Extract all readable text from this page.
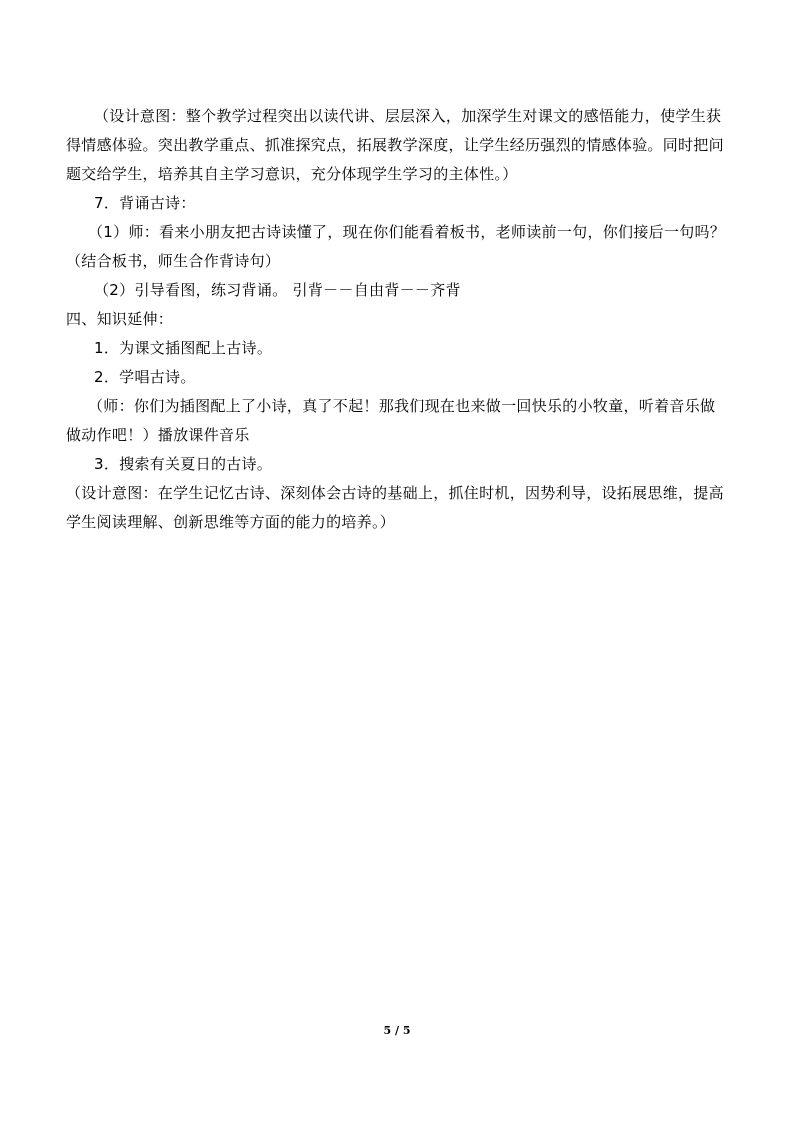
（设计意图：整个教学过程突出以读代讲、层层深入，加深学生对课文的感悟能力，使学生获得情感体验。突出教学重点、抓准探究点，拓展教学深度，让学生经历强烈的情感体验。同时把问题交给学生，培养其自主学习意识，充分体现学生学习的主体性。）

7．背诵古诗：

（1）师：看来小朋友把古诗读懂了，现在你们能看着板书，老师读前一句，你们接后一句吗？ （结合板书，师生合作背诗句）

（2）引导看图，练习背诵。 引背－－自由背－－齐背

四、知识延伸：

1．为课文插图配上古诗。

2．学唱古诗。

（师：你们为插图配上了小诗，真了不起！那我们现在也来做一回快乐的小牧童，听着音乐做做动作吧！）播放课件音乐

3．搜索有关夏日的古诗。

（设计意图：在学生记忆古诗、深刻体会古诗的基础上，抓住时机，因势利导，设拓展思维，提高学生阅读理解、创新思维等方面的能力的培养。）

5 / 5
